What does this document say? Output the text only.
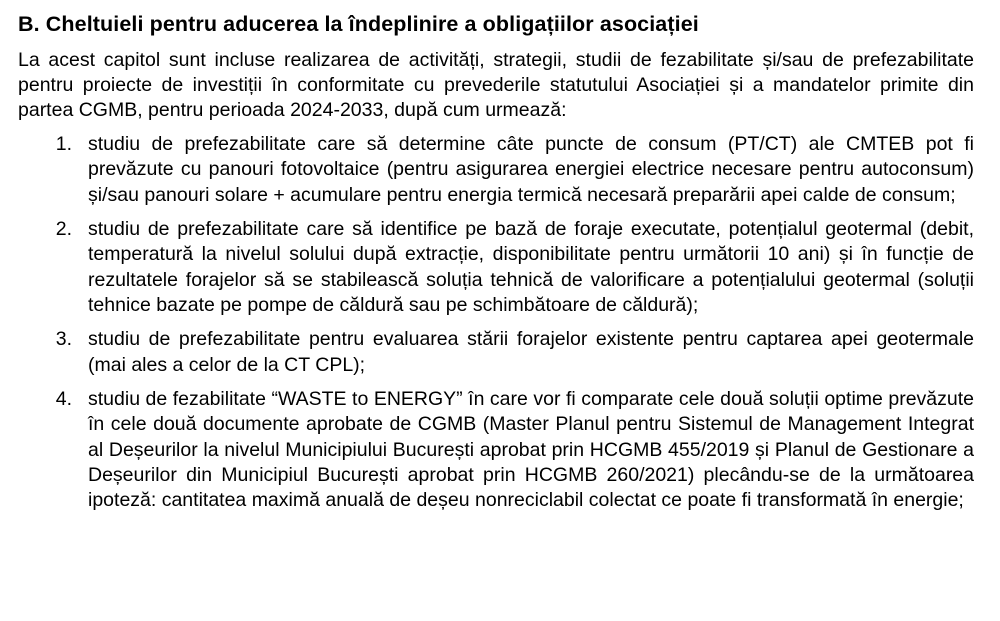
B. Cheltuieli pentru aducerea la îndeplinire a obligațiilor asociației

La acest capitol sunt incluse realizarea de activități, strategii, studii de fezabilitate și/sau de prefezabilitate pentru proiecte de investiții în conformitate cu prevederile statutului Asociației și a mandatelor primite din partea CGMB, pentru perioada 2024-2033, după cum urmează:

1. studiu de prefezabilitate care să determine câte puncte de consum (PT/CT) ale CMTEB pot fi prevăzute cu panouri fotovoltaice (pentru asigurarea energiei electrice necesare pentru autoconsum) și/sau panouri solare + acumulare pentru energia termică necesară preparării apei calde de consum;
2. studiu de prefezabilitate care să identifice pe bază de foraje executate, potențialul geotermal (debit, temperatură la nivelul solului după extracție, disponibilitate pentru următorii 10 ani) și în funcție de rezultatele forajelor să se stabilească soluția tehnică de valorificare a potențialului geotermal (soluții tehnice bazate pe pompe de căldură sau pe schimbătoare de căldură);
3. studiu de prefezabilitate pentru evaluarea stării forajelor existente pentru captarea apei geotermale (mai ales a celor de la CT CPL);
4. studiu de fezabilitate “WASTE to ENERGY” în care vor fi comparate cele două soluții optime prevăzute în cele două documente aprobate de CGMB (Master Planul pentru Sistemul de Management Integrat al Deșeurilor la nivelul Municipiului București aprobat prin HCGMB 455/2019 și Planul de Gestionare a Deșeurilor din Municipiul București aprobat prin HCGMB 260/2021) plecându-se de la următoarea ipoteză: cantitatea maximă anuală de deșeu nonreciclabil colectat ce poate fi transformată în energie;
